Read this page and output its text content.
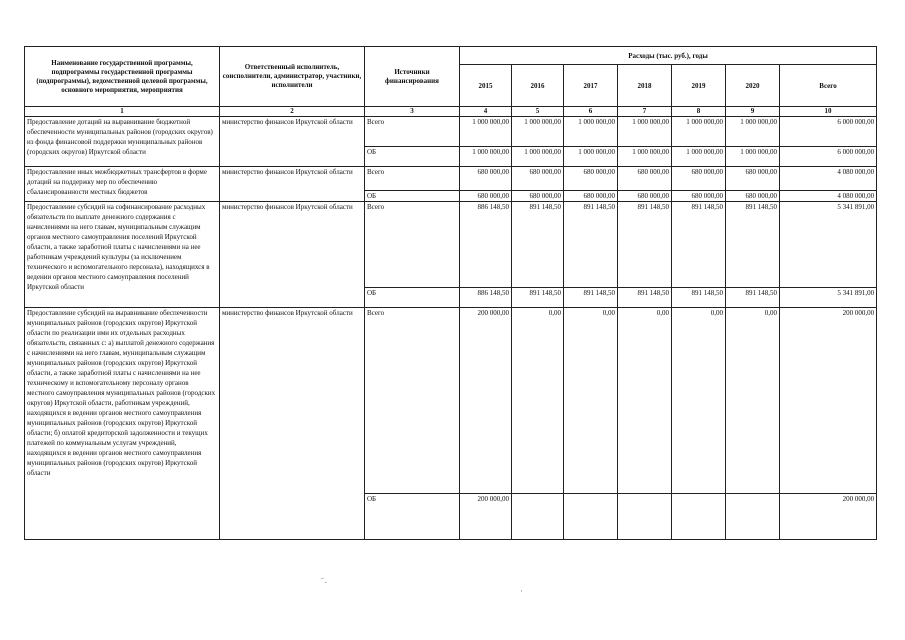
Наименование государственной программы, подпрограммы государственной программы (подпрограммы), ведомственной целевой программы, основного мероприятия, мероприятия	Ответственный исполнитель, соисполнители, администратор, участники, исполнители	Источники финансирования	Расходы (тыс. руб.), годы						
			2015	2016	2017	2018	2019	2020	Всего
1	2	3	4	5	6	7	8	9	10
Предоставление дотаций на выравнивание бюджетной обеспеченности муниципальных районов (городских округов) из фонда финансовой поддержки муниципальных районов (городских округов) Иркутской области	министерство финансов Иркутской области	Всего	1 000 000,00	1 000 000,00	1 000 000,00	1 000 000,00	1 000 000,00	1 000 000,00	6 000 000,00
		ОБ	1 000 000,00	1 000 000,00	1 000 000,00	1 000 000,00	1 000 000,00	1 000 000,00	6 000 000,00
Предоставление иных межбюджетных трансфертов в форме дотаций на поддержку мер по обеспечению сбалансированности местных бюджетов	министерство финансов Иркутской области	Всего	680 000,00	680 000,00	680 000,00	680 000,00	680 000,00	680 000,00	4 080 000,00
		ОБ	680 000,00	680 000,00	680 000,00	680 000,00	680 000,00	680 000,00	4 080 000,00
Предоставление субсидий на софинансирование расходных обязательств по выплате денежного содержания с начислениями на него главам, муниципальным служащим органов местного самоуправления поселений Иркутской области, а также заработной платы с начислениями на нее работникам учреждений культуры (за исключением технического и вспомогательного персонала), находящихся в ведении органов местного самоуправления поселений Иркутской области	министерство финансов Иркутской области	Всего	886 148,50	891 148,50	891 148,50	891 148,50	891 148,50	891 148,50	5 341 891,00
		ОБ	886 148,50	891 148,50	891 148,50	891 148,50	891 148,50	891 148,50	5 341 891,00
Предоставление субсидий на выравнивание обеспеченности муниципальных районов (городских округов) Иркутской области по реализации ими их отдельных расходных обязательств, связанных с: а) выплатой денежного содержания с начислениями на него главам, муниципальным служащим муниципальных районов (городских округов) Иркутской области, а также заработной платы с начислениями на нее техническому и вспомогательному персоналу органов местного самоуправления муниципальных районов (городских округов) Иркутской области, работникам учреждений, находящихся в ведении органов местного самоуправления муниципальных районов (городских округов) Иркутской области; б) оплатой кредиторской задолженности и текущих платежей по коммунальным услугам учреждений, находящихся в ведении органов местного самоуправления муниципальных районов (городских округов) Иркутской области	министерство финансов Иркутской области	Всего	200 000,00	0,00	0,00	0,00	0,00	0,00	200 000,00
		ОБ	200 000,00						200 000,00
⁻.
·
